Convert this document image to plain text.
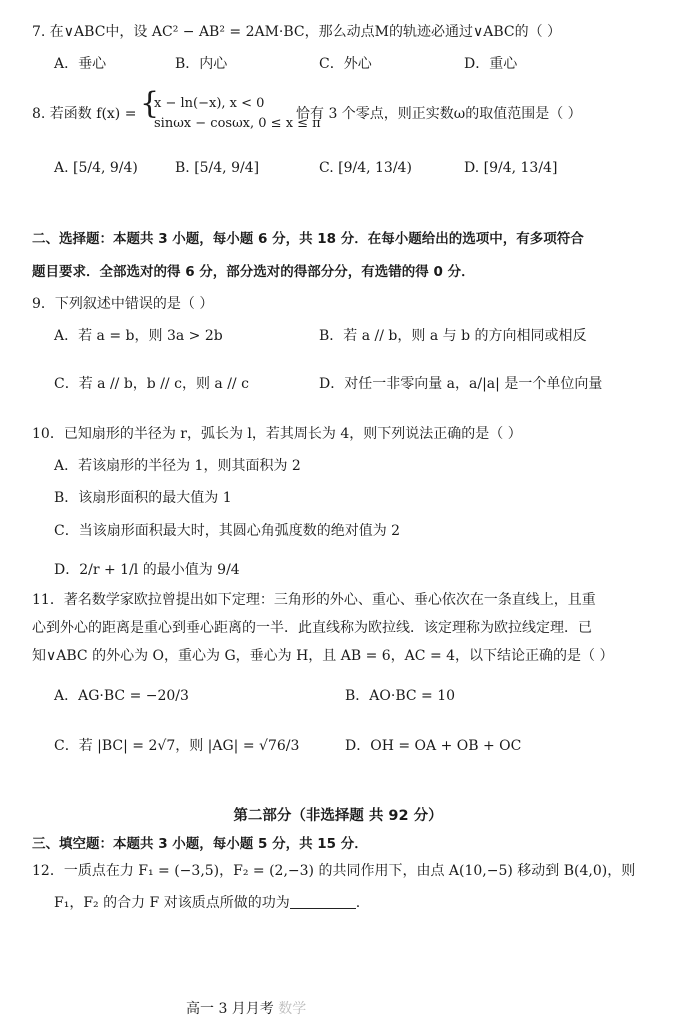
7. 在∨ABC中，设 AC² − AB² = 2AM·BC，那么动点M的轨迹必通过∨ABC的（ ）
A．垂心	B．内心	C．外心	D．重心
8. 若函数 f(x) = {
x − ln(−x), x < 0
sinωx − cosωx, 0 ≤ x ≤ π
恰有 3 个零点，则正实数ω的取值范围是（ ）
A. [5/4, 9/4)	B. [5/4, 9/4]	C. [9/4, 13/4)	D. [9/4, 13/4]
二、选择题：本题共 3 小题，每小题 6 分，共 18 分．在每小题给出的选项中，有多项符合
题目要求．全部选对的得 6 分，部分选对的得部分分，有选错的得 0 分．
9．下列叙述中错误的是（ ）
A．若 a = b，则 3a > 2b	B．若 a // b，则 a 与 b 的方向相同或相反
C．若 a // b，b // c，则 a // c	D．对任一非零向量 a，a/|a| 是一个单位向量
10．已知扇形的半径为 r，弧长为 l，若其周长为 4，则下列说法正确的是（ ）
A．若该扇形的半径为 1，则其面积为 2
B．该扇形面积的最大值为 1
C．当该扇形面积最大时，其圆心角弧度数的绝对值为 2
D．2/r + 1/l 的最小值为 9/4
11．著名数学家欧拉曾提出如下定理：三角形的外心、重心、垂心依次在一条直线上，且重
心到外心的距离是重心到垂心距离的一半．此直线称为欧拉线．该定理称为欧拉线定理．已
知∨ABC 的外心为 O，重心为 G，垂心为 H，且 AB = 6，AC = 4，以下结论正确的是（ ）
A．AG·BC = −20/3	B．AO·BC = 10
C．若 |BC| = 2√7，则 |AG| = √76/3	D．OH = OA + OB + OC
第二部分（非选择题 共 92 分）
三、填空题：本题共 3 小题，每小题 5 分，共 15 分．
12．一质点在力 F₁ = (−3,5)，F₂ = (2,−3) 的共同作用下，由点 A(10,−5) 移动到 B(4,0)，则
F₁，F₂ 的合力 F 对该质点所做的功为	.
高一 3 月月考 数学
